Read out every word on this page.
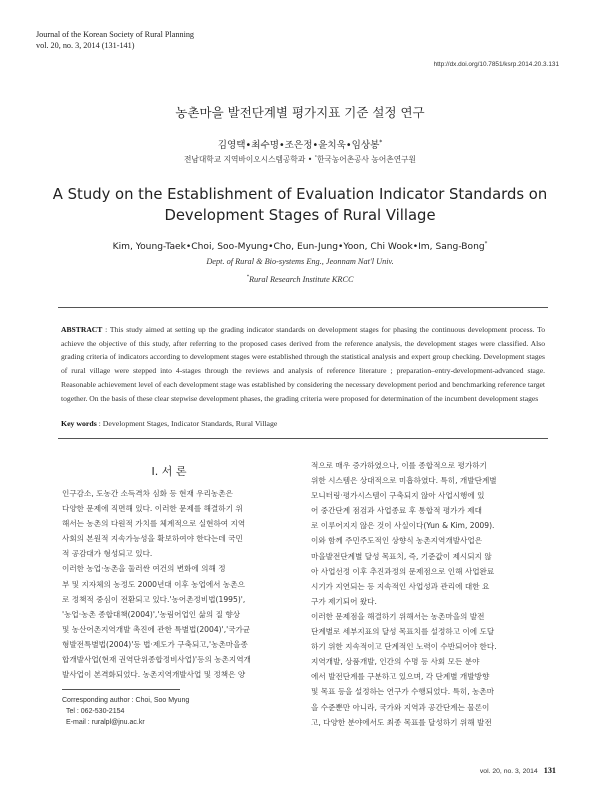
Journal of the Korean Society of Rural Planning
vol. 20, no. 3, 2014 (131-141)
http://dx.doi.org/10.7851/ksrp.2014.20.3.131
농촌마을 발전단계별 평가지표 기준 설정 연구
김영택•최수명•조은정•윤치욱•임상봉*
전남대학교 지역바이오시스템공학과 • *한국농어촌공사 농어촌연구원
A Study on the Establishment of Evaluation Indicator Standards on
Development Stages of Rural Village
Kim, Young-Taek•Choi, Soo-Myung•Cho, Eun-Jung•Yoon, Chi Wook•Im, Sang-Bong*
Dept. of Rural & Bio-systems Eng., Jeonnam Nat'l Univ.
*Rural Research Institute KRCC
ABSTRACT : This study aimed at setting up the grading indicator standards on development stages for phasing the continuous development process. To achieve the objective of this study, after referring to the proposed cases derived from the reference analysis, the development stages were classified. Also grading criteria of indicators according to development stages were established through the statistical analysis and expert group checking. Development stages of rural village were stepped into 4-stages through the reviews and analysis of reference literature ; preparation–entry-development-advanced stage. Reasonable achievement level of each development stage was established by considering the necessary development period and benchmarking reference target together. On the basis of these clear stepwise development phases, the grading criteria were proposed for determination of the incumbent development stages
Key words : Development Stages, Indicator Standards, Rural Village
Ⅰ. 서 론
인구감소, 도농간 소득격차 심화 등 현재 우리농촌은
다양한 문제에 직면해 있다. 이러한 문제를 해결하기 위
해서는 농촌의 다원적 가치를 체계적으로 실현하여 지역
사회의 본원적 지속가능성을 확보하여야 한다는데 국민
적 공감대가 형성되고 있다.
이러한 농업·농촌을 둘러싼 여건의 변화에 의해 정
부 및 지자체의 농정도 2000년대 이후 농업에서 농촌으
로 정책적 중심이 전환되고 있다.'농어촌정비법(1995)',
'농업·농촌 종합대책(2004)','농림어업인 삶의 질 향상
및 농산어촌지역개발 촉진에 관한 특별법(2004)','국가균
형발전특별법(2004)'등 법·제도가 구축되고,'농촌마을종
합개발사업(현재 권역단위종합정비사업)'등의 농촌지역개
발사업이 본격화되었다. 농촌지역개발사업 및 정책은 양
Corresponding author : Choi, Soo Myung
Tel : 062-530-2154
E-mail : ruralpl@jnu.ac.kr
적으로 매우 증가하였으나, 이를 종합적으로 평가하기
위한 시스템은 상대적으로 미흡하였다. 특히, 개발단계별
모니터링·평가시스템이 구축되지 않아 사업시행에 있
어 중간단계 점검과 사업종료 후 통합적 평가가 제대
로 이루어지지 않은 것이 사실이다(Yun & Kim, 2009).
이와 함께 주민주도적인 상향식 농촌지역개발사업은
마을발전단계별 달성 목표치, 즉, 기준값이 제시되지 않
아 사업선정 이후 추진과정의 문제점으로 인해 사업완료
시기가 지연되는 등 지속적인 사업성과 관리에 대한 요
구가 제기되어 왔다.
이러한 문제점을 해결하기 위해서는 농촌마을의 발전
단계별로 세부지표의 달성 목표치를 설정하고 이에 도달
하기 위한 지속적이고 단계적인 노력이 수반되어야 한다.
지역개발, 상품개발, 인간의 수명 등 사회 모든 분야
에서 발전단계를 구분하고 있으며, 각 단계별 개발방향
및 목표 등을 설정하는 연구가 수행되었다. 특히, 농촌마
을 수준뿐만 아니라, 국가와 지역과 공간단계는 물론이
고, 다양한 분야에서도 최종 목표를 달성하기 위해 발전
vol. 20, no. 3, 2014 131
